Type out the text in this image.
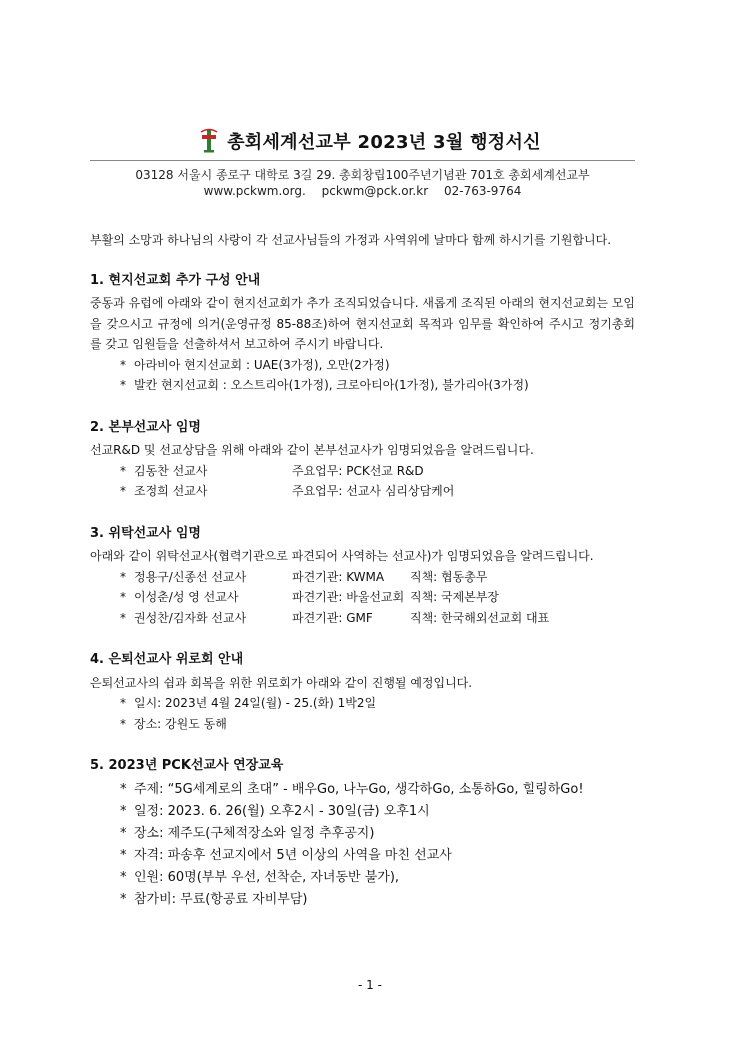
총회세계선교부 2023년 3월 행정서신
03128 서울시 종로구 대학로 3길 29. 총회창립100주년기념관 701호 총회세계선교부
www.pckwm.org. pckwm@pck.or.kr 02-763-9764

부활의 소망과 하나님의 사랑이 각 선교사님들의 가정과 사역위에 날마다 함께 하시기를 기원합니다.

1. 현지선교회 추가 구성 안내

중동과 유럽에 아래와 같이 현지선교회가 추가 조직되었습니다. 새롭게 조직된 아래의 현지선교회는 모임을 갖으시고 규정에 의거(운영규정 85-88조)하여 현지선교회 목적과 임무를 확인하여 주시고 정기총회를 갖고 임원들을 선출하셔서 보고하여 주시기 바랍니다.

* 아라비아 현지선교회 : UAE(3가정), 오만(2가정)
* 발칸 현지선교회 : 오스트리아(1가정), 크로아티아(1가정), 불가리아(3가정)

2. 본부선교사 임명

선교R&D 및 선교상담을 위해 아래와 같이 본부선교사가 임명되었음을 알려드립니다.

* 김동찬 선교사	주요업무: PCK선교 R&D
* 조정희 선교사	주요업무: 선교사 심리상담케어

3. 위탁선교사 임명

아래와 같이 위탁선교사(협력기관으로 파견되어 사역하는 선교사)가 임명되었음을 알려드립니다.

* 정용구/신종선 선교사	파견기관: KWMA	직책: 협동총무
* 이성춘/성 영 선교사	파견기관: 바울선교회 직책: 국제본부장
* 권성찬/김자화 선교사	파견기관: GMF	직책: 한국해외선교회 대표

4. 은퇴선교사 위로회 안내

은퇴선교사의 쉼과 회복을 위한 위로회가 아래와 같이 진행될 예정입니다.

* 일시: 2023년 4월 24일(월) - 25.(화) 1박2일
* 장소: 강원도 동해

5. 2023년 PCK선교사 연장교육

* 주제: “5G세계로의 초대” - 배우Go, 나누Go, 생각하Go, 소통하Go, 힐링하Go!
* 일정: 2023. 6. 26(월) 오후2시 - 30일(금) 오후1시
* 장소: 제주도(구체적장소와 일정 추후공지)
* 자격: 파송후 선교지에서 5년 이상의 사역을 마친 선교사
* 인원: 60명(부부 우선, 선착순, 자녀동반 불가),
* 참가비: 무료(항공료 자비부담)
- 1 -
